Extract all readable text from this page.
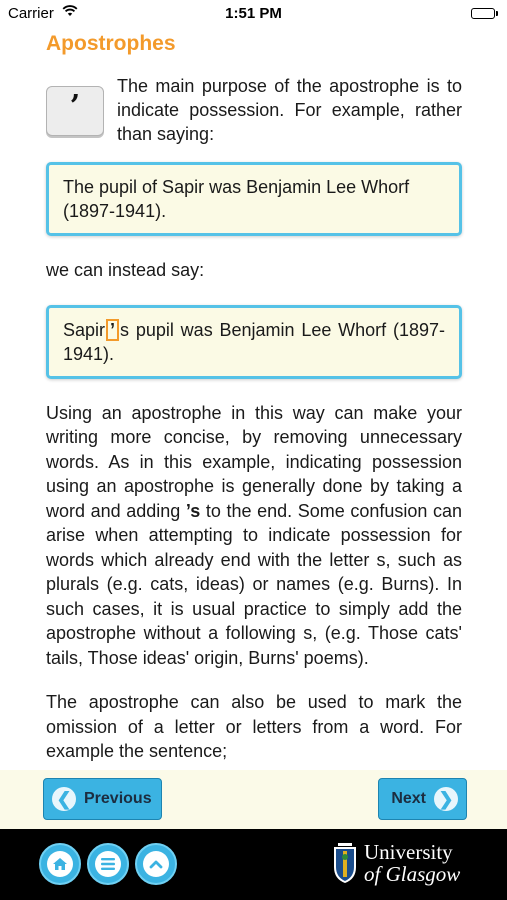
Carrier	1:51 PM
Apostrophes
’

The main purpose of the apostrophe is to indicate possession. For example, rather than saying:

The pupil of Sapir was Benjamin Lee Whorf (1897-1941).

we can instead say:

Sapir ’ s pupil was Benjamin Lee Whorf (1897-1941).

Using an apostrophe in this way can make your writing more concise, by removing unnecessary words. As in this example, indicating possession using an apostrophe is generally done by taking a word and adding ’s to the end. Some confusion can arise when attempting to indicate possession for words which already end with the letter s, such as plurals (e.g. cats, ideas) or names (e.g. Burns). In such cases, it is usual practice to simply add the apostrophe without a following s, (e.g. Those cats' tails, Those ideas' origin, Burns' poems).

The apostrophe can also be used to mark the omission of a letter or letters from a word. For example the sentence;

❮ Previous	Next ❯
University
of Glasgow
